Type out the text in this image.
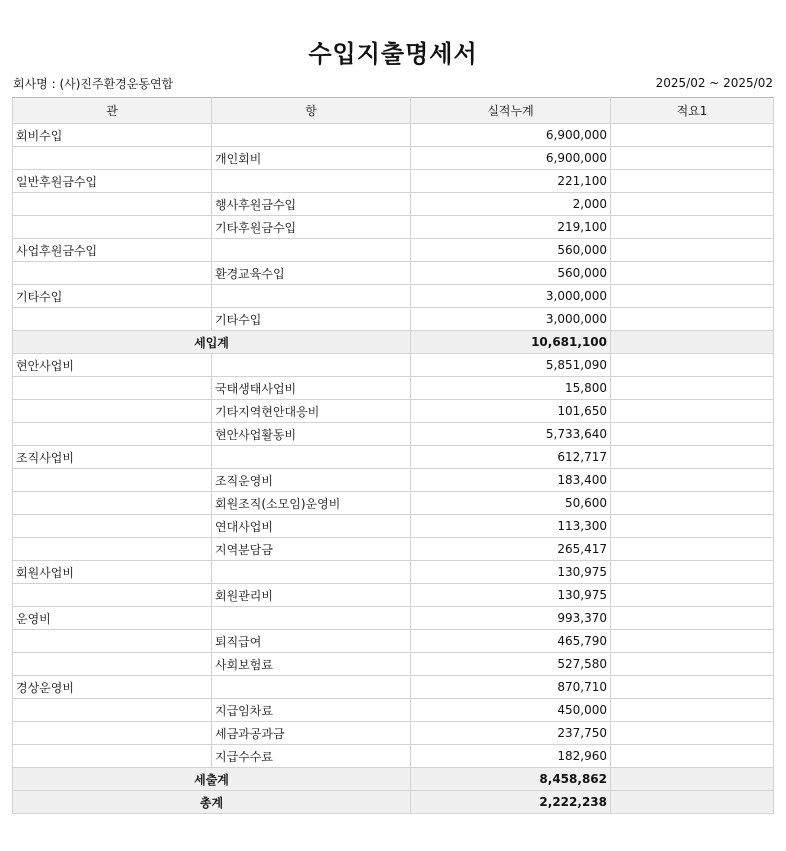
수입지출명세서
회사명 : (사)진주환경운동연합	2025/02 ~ 2025/02
관	항	실적누계	적요1
회비수입		6,900,000	
	개인회비	6,900,000	
일반후원금수입		221,100	
	행사후원금수입	2,000	
	기타후원금수입	219,100	
사업후원금수입		560,000	
	환경교육수입	560,000	
기타수입		3,000,000	
	기타수입	3,000,000	
세입계		10,681,100	
현안사업비		5,851,090	
	국태생태사업비	15,800	
	기타지역현안대응비	101,650	
	현안사업활동비	5,733,640	
조직사업비		612,717	
	조직운영비	183,400	
	회원조직(소모임)운영비	50,600	
	연대사업비	113,300	
	지역분담금	265,417	
회원사업비		130,975	
	회원관리비	130,975	
운영비		993,370	
	퇴직급여	465,790	
	사회보험료	527,580	
경상운영비		870,710	
	지급임차료	450,000	
	세금과공과금	237,750	
	지급수수료	182,960	
세출계		8,458,862	
총계		2,222,238	
